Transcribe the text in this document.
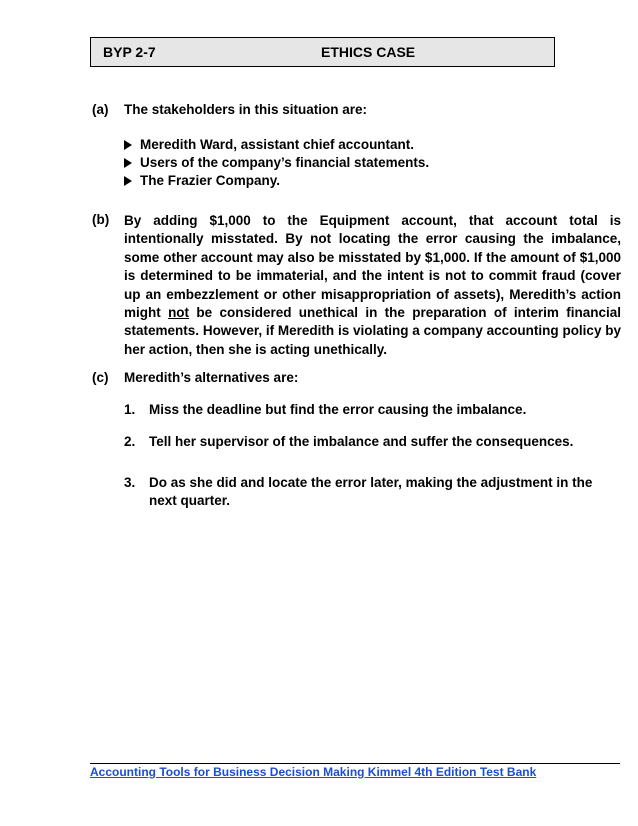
BYP 2-7	ETHICS CASE
(a) The stakeholders in this situation are:
Meredith Ward, assistant chief accountant.
Users of the company’s financial statements.
The Frazier Company.
(b) By adding $1,000 to the Equipment account, that account total is intentionally misstated. By not locating the error causing the imbalance, some other account may also be misstated by $1,000. If the amount of $1,000 is determined to be immaterial, and the intent is not to commit fraud (cover up an embezzlement or other misappropriation of assets), Meredith’s action might not be considered unethical in the preparation of interim financial statements. However, if Meredith is violating a company accounting policy by her action, then she is acting unethically.
(c) Meredith’s alternatives are:
1. Miss the deadline but find the error causing the imbalance.
2. Tell her supervisor of the imbalance and suffer the consequences.
3. Do as she did and locate the error later, making the adjustment in the next quarter.
Accounting Tools for Business Decision Making Kimmel 4th Edition Test Bank
